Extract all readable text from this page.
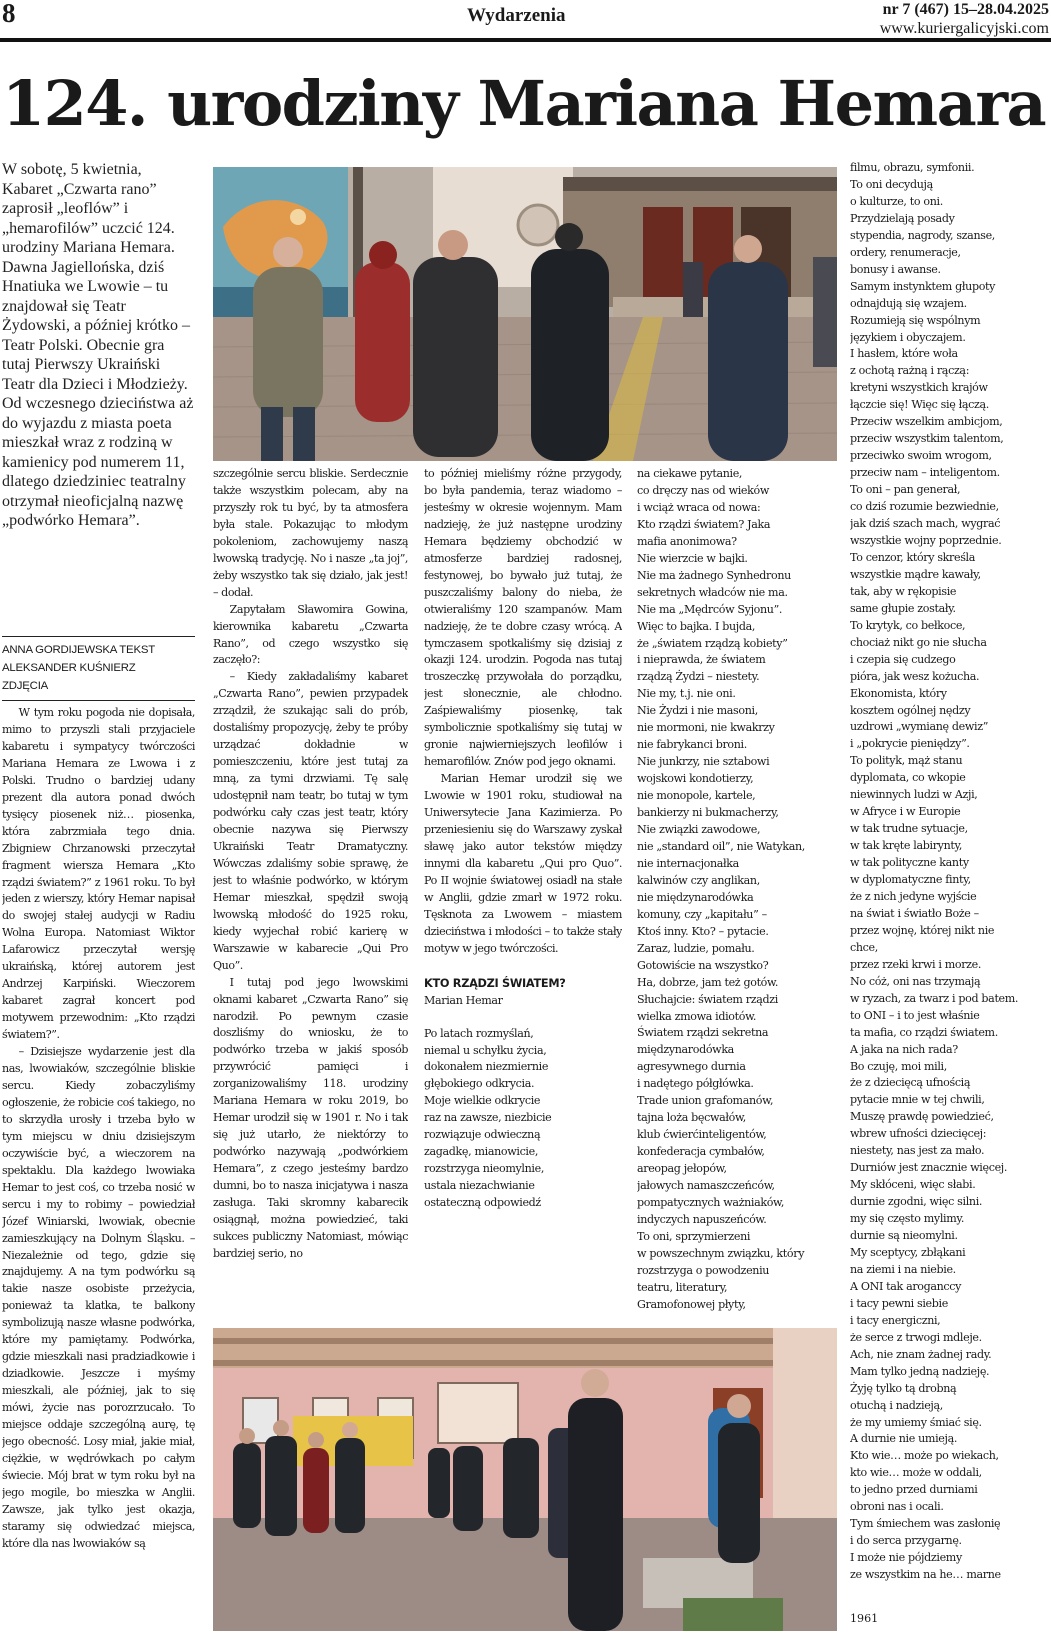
8	Wydarzenia	nr 7 (467) 15–28.04.2025
www.kuriergalicyjski.com
124. urodziny Mariana Hemara

W sobotę, 5 kwietnia, Kabaret „Czwarta rano” zaprosił „leoflów” i „hemarofilów” uczcić 124. urodziny Mariana Hemara. Dawna Jagiellońska, dziś Hnatiuka we Lwowie – tu znajdował się Teatr Żydowski, a później krótko – Teatr Polski. Obecnie gra tutaj Pierwszy Ukraiński Teatr dla Dzieci i Młodzieży. Od wczesnego dzieciństwa aż do wyjazdu z miasta poeta mieszkał wraz z rodziną w kamienicy pod numerem 11, dlatego dziedziniec teatralny otrzymał nieoficjalną nazwę „podwórko Hemara”.

ANNA GORDIJEWSKA TEKST
ALEKSANDER KUŚNIERZ
ZDJĘCIA

W tym roku pogoda nie dopisała, mimo to przyszli stali przyjaciele kabaretu i sympatycy twórczości Mariana Hemara ze Lwowa i z Polski. Trudno o bardziej udany prezent dla autora ponad dwóch tysięcy piosenek niż… piosenka, która zabrzmiała tego dnia. Zbigniew Chrzanowski przeczytał fragment wiersza Hemara „Kto rządzi światem?” z 1961 roku. To był jeden z wierszy, który Hemar napisał do swojej stałej audycji w Radiu Wolna Europa. Natomiast Wiktor Lafarowicz przeczytał wersję ukraińską, której autorem jest Andrzej Karpiński. Wieczorem kabaret zagrał koncert pod motywem przewodnim: „Kto rządzi światem?”.

– Dzisiejsze wydarzenie jest dla nas, lwowiaków, szczególnie bliskie sercu. Kiedy zobaczyliśmy ogłoszenie, że robicie coś takiego, no to skrzydła urosły i trzeba było w tym miejscu w dniu dzisiejszym oczywiście być, a wieczorem na spektaklu. Dla każdego lwowiaka Hemar to jest coś, co trzeba nosić w sercu i my to robimy – powiedział Józef Winiarski, lwowiak, obecnie zamieszkujący na Dolnym Śląsku. – Niezależnie od tego, gdzie się znajdujemy. A na tym podwórku są takie nasze osobiste przeżycia, ponieważ ta klatka, te balkony symbolizują nasze własne podwórka, które my pamiętamy. Podwórka, gdzie mieszkali nasi pradziadkowie i dziadkowie. Jeszcze i myśmy mieszkali, ale później, jak to się mówi, życie nas porozrzucało. To miejsce oddaje szczególną aurę, tę jego obecność. Losy miał, jakie miał, ciężkie, w wędrówkach po całym świecie. Mój brat w tym roku był na jego mogile, bo mieszka w Anglii. Zawsze, jak tylko jest okazja, staramy się odwiedzać miejsca, które dla nas lwowiaków są

szczególnie sercu bliskie. Serdecznie także wszystkim polecam, aby na przyszły rok tu być, by ta atmosfera była stale. Pokazując to młodym pokoleniom, zachowujemy naszą lwowską tradycję. No i nasze „ta joj”, żeby wszystko tak się działo, jak jest! – dodał.

Zapytałam Sławomira Gowina, kierownika kabaretu „Czwarta Rano”, od czego wszystko się zaczęło?:

– Kiedy zakładaliśmy kabaret „Czwarta Rano”, pewien przypadek zrządził, że szukając sali do prób, dostaliśmy propozycję, żeby te próby urządzać dokładnie w pomieszczeniu, które jest tutaj za mną, za tymi drzwiami. Tę salę udostępnił nam teatr, bo tutaj w tym podwórku cały czas jest teatr, który obecnie nazywa się Pierwszy Ukraiński Teatr Dramatyczny. Wówczas zdaliśmy sobie sprawę, że jest to właśnie podwórko, w którym Hemar mieszkał, spędził swoją lwowską młodość do 1925 roku, kiedy wyjechał robić karierę w Warszawie w kabarecie „Qui Pro Quo”.

I tutaj pod jego lwowskimi oknami kabaret „Czwarta Rano” się narodził. Po pewnym czasie doszliśmy do wniosku, że to podwórko trzeba w jakiś sposób przywrócić pamięci i zorganizowaliśmy 118. urodziny Mariana Hemara w roku 2019, bo Hemar urodził się w 1901 r. No i tak się już utarło, że niektórzy to podwórko nazywają „podwórkiem Hemara”, z czego jesteśmy bardzo dumni, bo to nasza inicjatywa i nasza zasługa. Taki skromny kabarecik osiągnął, można powiedzieć, taki sukces publiczny Natomiast, mówiąc bardziej serio, no

to później mieliśmy różne przygody, bo była pandemia, teraz wiadomo – jesteśmy w okresie wojennym. Mam nadzieję, że już następne urodziny Hemara będziemy obchodzić w atmosferze bardziej radosnej, festynowej, bo bywało już tutaj, że puszczaliśmy balony do nieba, że otwieraliśmy 120 szampanów. Mam nadzieję, że te dobre czasy wrócą. A tymczasem spotkaliśmy się dzisiaj z okazji 124. urodzin. Pogoda nas tutaj troszeczkę przywołała do porządku, jest słonecznie, ale chłodno. Zaśpiewaliśmy piosenkę, tak symbolicznie spotkaliśmy się tutaj w gronie najwierniejszych leofilów i hemarofilów. Znów pod jego oknami.

Marian Hemar urodził się we Lwowie w 1901 roku, studiował na Uniwersytecie Jana Kazimierza. Po przeniesieniu się do Warszawy zyskał sławę jako autor tekstów między innymi dla kabaretu „Qui pro Quo”. Po II wojnie światowej osiadł na stałe w Anglii, gdzie zmarł w 1972 roku. Tęsknota za Lwowem – miastem dzieciństwa i młodości – to także stały motyw w jego twórczości.

KTO RZĄDZI ŚWIATEM?
Marian Hemar
Po latach rozmyślań,
niemal u schyłku życia,
dokonałem niezmiernie
głębokiego odkrycia.
Moje wielkie odkrycie
raz na zawsze, niezbicie
rozwiązuje odwieczną
zagadkę, mianowicie,
rozstrzyga nieomylnie,
ustala niezachwianie
ostateczną odpowiedź
na ciekawe pytanie,
co dręczy nas od wieków
i wciąż wraca od nowa:
Kto rządzi światem? Jaka
mafia anonimowa?
Nie wierzcie w bajki.
Nie ma żadnego Synhedronu
sekretnych władców nie ma.
Nie ma „Mędrców Syjonu”.
Więc to bajka. I bujda,
że „światem rządzą kobiety”
i nieprawda, że światem
rządzą Żydzi – niestety.
Nie my, t.j. nie oni.
Nie Żydzi i nie masoni,
nie mormoni, nie kwakrzy
nie fabrykanci broni.
Nie junkrzy, nie sztabowi
wojskowi kondotierzy,
nie monopole, kartele,
bankierzy ni bukmacherzy,
Nie związki zawodowe,
nie „standard oil”, nie Watykan,
nie internacjonałka
kalwinów czy anglikan,
nie międzynarodówka
komuny, czy „kapitału” –
Ktoś inny. Kto? – pytacie.
Zaraz, ludzie, pomału.
Gotowiście na wszystko?
Ha, dobrze, jam też gotów.
Słuchajcie: światem rządzi
wielka zmowa idiotów.
Światem rządzi sekretna
międzynarodówka
agresywnego durnia
i nadętego półgłówka.
Trade union grafomanów,
tajna loża bęcwałów,
klub ćwierćinteligentów,
konfederacja cymbałów,
areopag jełopów,
jałowych namaszczeńców,
pompatycznych ważniaków,
indyczych napuszeńców.
To oni, sprzymierzeni
w powszechnym związku, który
rozstrzyga o powodzeniu
teatru, literatury,
Gramofonowej płyty,
filmu, obrazu, symfonii.
To oni decydują
o kulturze, to oni.
Przydzielają posady
stypendia, nagrody, szanse,
ordery, renumeracje,
bonusy i awanse.
Samym instynktem głupoty
odnajdują się wzajem.
Rozumieją się wspólnym
językiem i obyczajem.
I hasłem, które woła
z ochotą rażną i rączą:
kretyni wszystkich krajów
łączcie się! Więc się łączą.
Przeciw wszelkim ambicjom,
przeciw wszystkim talentom,
przeciwko swoim wrogom,
przeciw nam – inteligentom.
To oni – pan generał,
co dziś rozumie bezwiednie,
jak dziś szach mach, wygrać
wszystkie wojny poprzednie.
To cenzor, który skreśla
wszystkie mądre kawały,
tak, aby w rękopisie
same głupie zostały.
To krytyk, co bełkoce,
chociaż nikt go nie słucha
i czepia się cudzego
pióra, jak wesz kożucha.
Ekonomista, który
kosztem ogólnej nędzy
uzdrowi „wymianę dewiz”
i „pokrycie pieniędzy”.
To polityk, mąż stanu
dyplomata, co wkopie
niewinnych ludzi w Azji,
w Afryce i w Europie
w tak trudne sytuacje,
w tak kręte labirynty,
w tak polityczne kanty
w dyplomatyczne finty,
że z nich jedyne wyjście
na świat i światło Boże –
przez wojnę, której nikt nie
chce,
przez rzeki krwi i morze.
No cóż, oni nas trzymają
w ryzach, za twarz i pod batem.
to ONI – i to jest właśnie
ta mafia, co rządzi światem.
A jaka na nich rada?
Bo czuję, moi mili,
że z dziecięcą ufnością
pytacie mnie w tej chwili,
Muszę prawdę powiedzieć,
wbrew ufności dziecięcej:
niestety, nas jest za mało.
Durniów jest znacznie więcej.
My skłóceni, więc słabi.
durnie zgodni, więc silni.
my się często mylimy.
durnie są nieomylni.
My sceptycy, zbłąkani
na ziemi i na niebie.
A ONI tak aroganccy
i tacy pewni siebie
i tacy energiczni,
że serce z trwogi mdleje.
Ach, nie znam żadnej rady.
Mam tylko jedną nadzieję.
Żyję tylko tą drobną
otuchą i nadzieją,
że my umiemy śmiać się.
A durnie nie umieją.
Kto wie… może po wiekach,
kto wie… może w oddali,
to jedno przed durniami
obroni nas i ocali.
Tym śmiechem was zasłonię
i do serca przygarnę.
I może nie pójdziemy
ze wszystkim na he… marne
1961
